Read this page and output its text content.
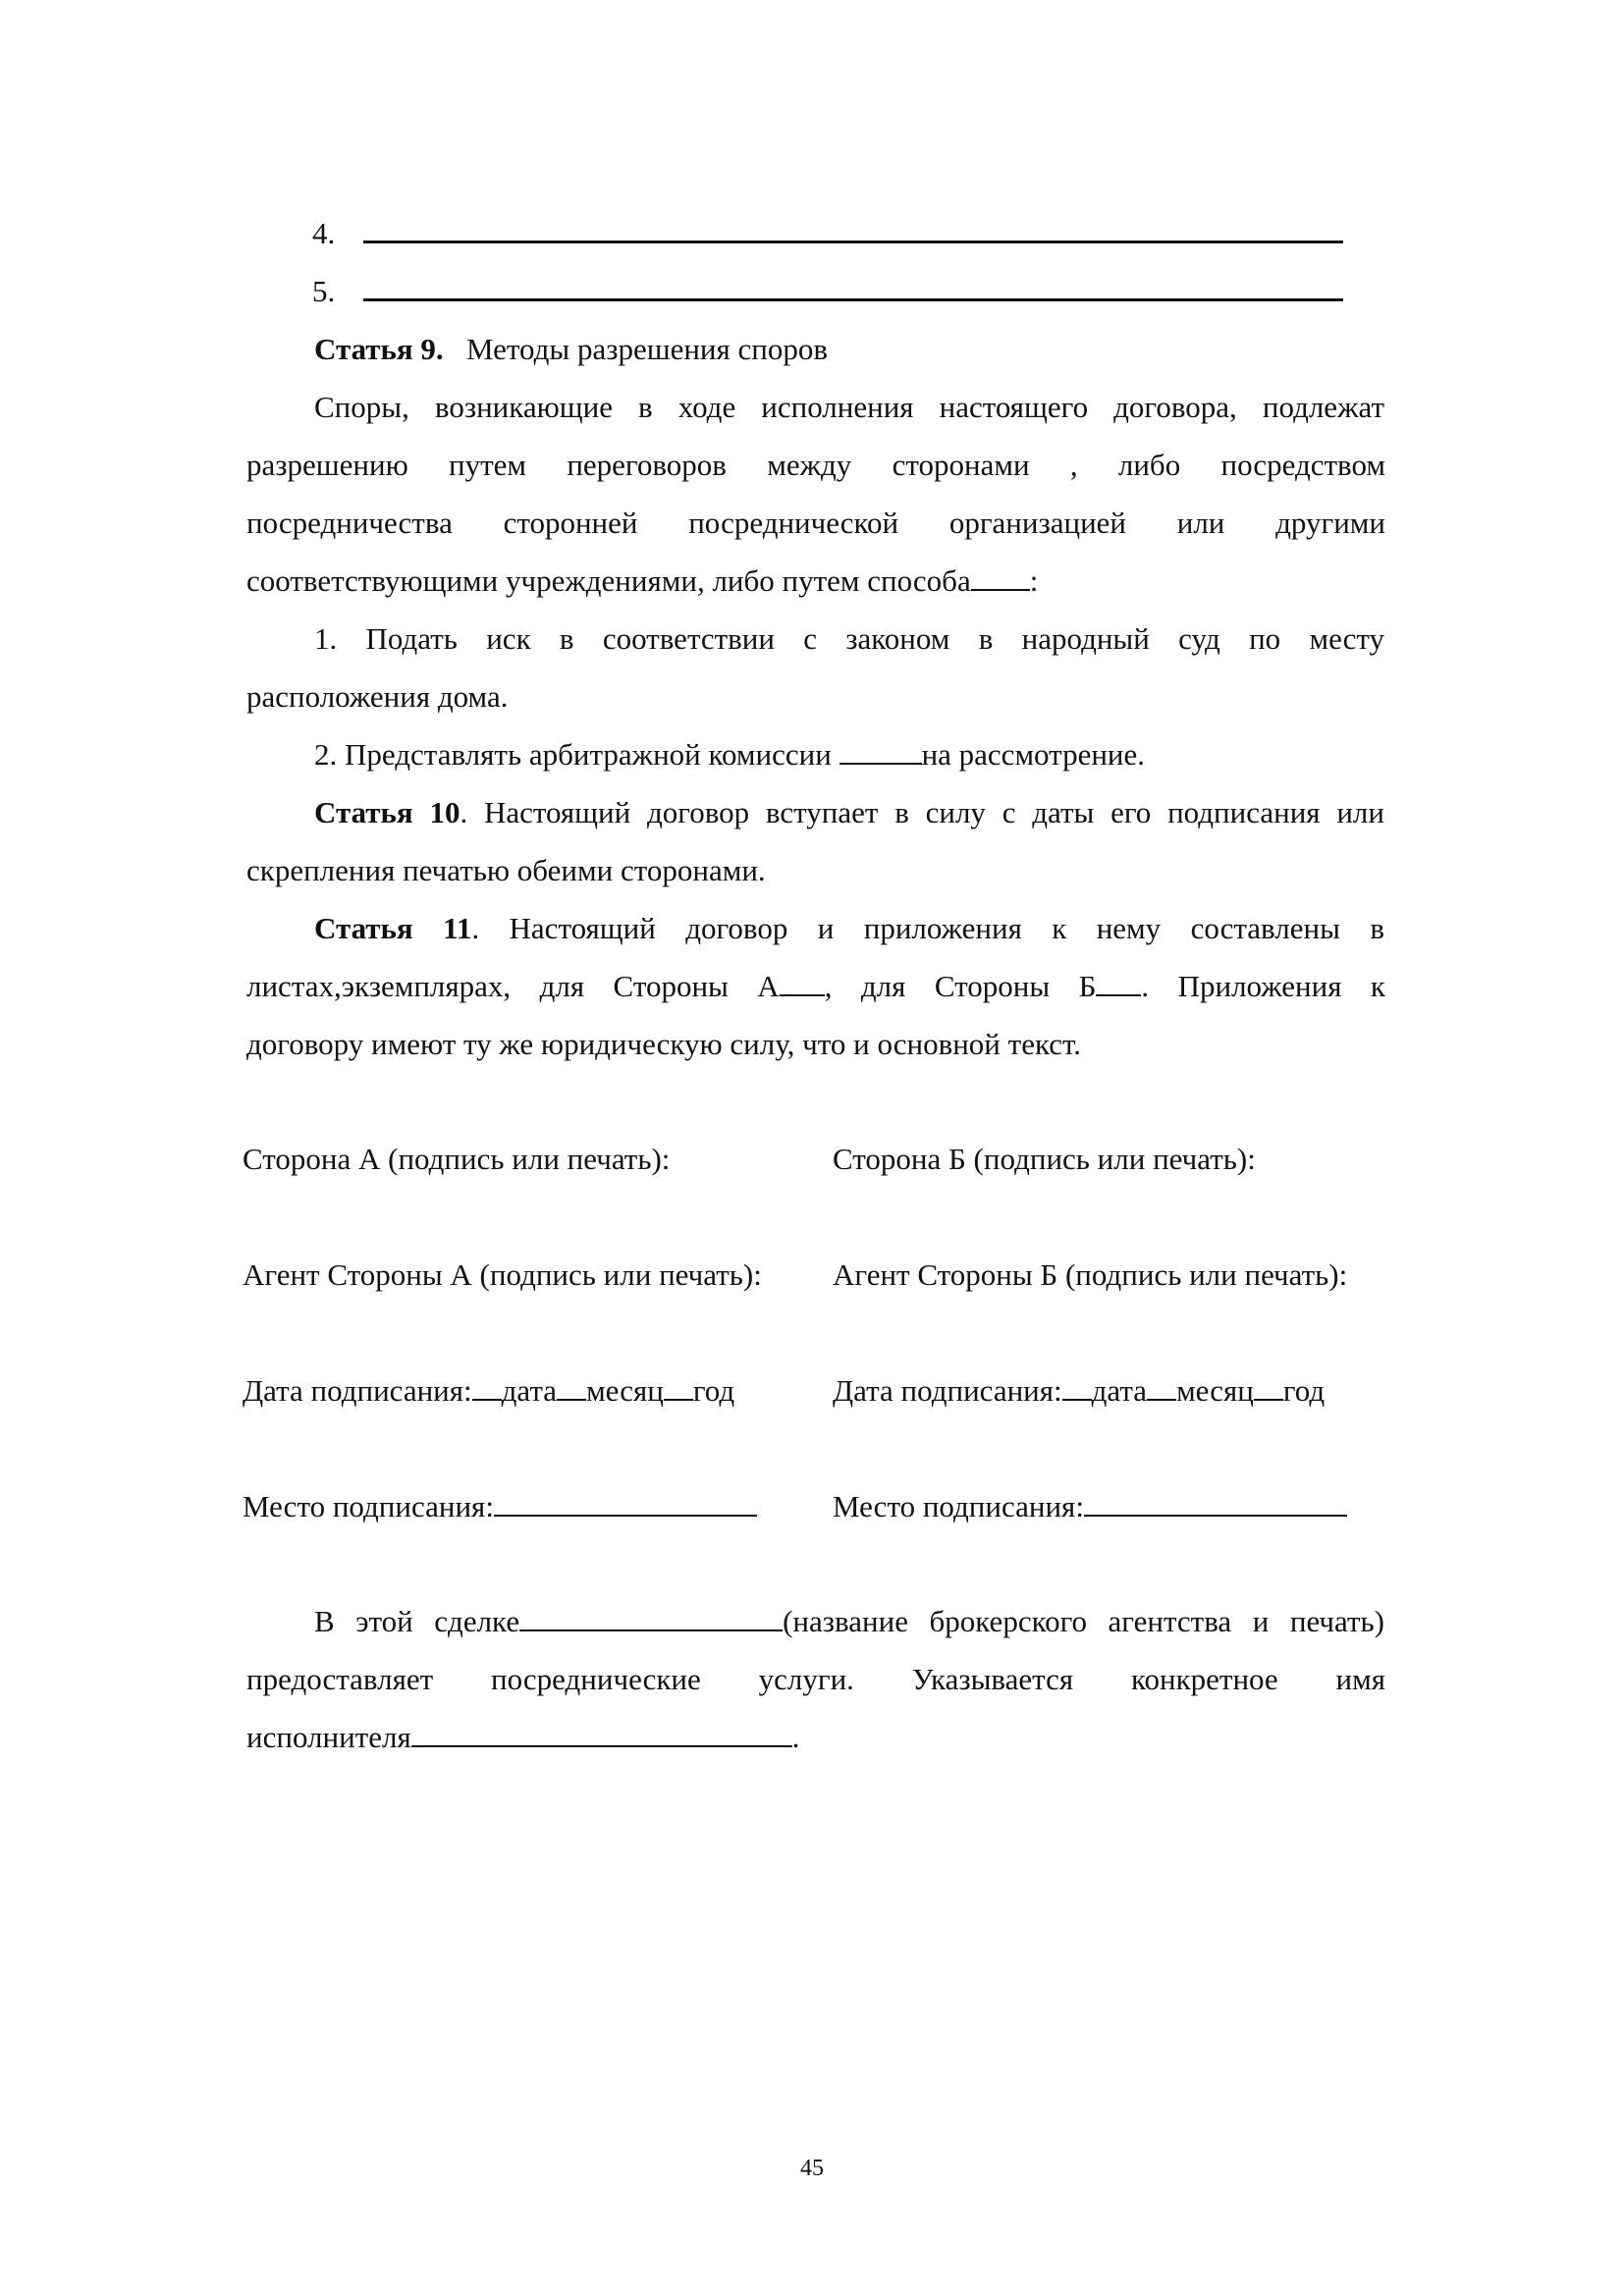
4.
5.
Статья 9. Методы разрешения споров
Споры, возникающие в ходе исполнения настоящего договора, подлежат
разрешению путем переговоров между сторонами , либо посредством
посредничества сторонней посреднической организацией или другими
соответствующими учреждениями, либо путем способа :
1. Подать иск в соответствии с законом в народный суд по месту
расположения дома.
2. Представлять арбитражной комиссии	на рассмотрение.
Статья 10. Настоящий договор вступает в силу с даты его подписания или
скрепления печатью обеими сторонами.
Статья 11. Настоящий договор и приложения к нему составлены в
листах,экземплярах, для Стороны А , для Стороны Б . Приложения к
договору имеют ту же юридическую силу, что и основной текст.
Сторона А (подпись или печать):	Сторона Б (подпись или печать):
Агент Стороны А (подпись или печать): Агент Стороны Б (подпись или печать):
Дата подписания: дата месяц год	Дата подписания: дата месяц год
Место подписания:	Место подписания:
В этой сделке	(название брокерского агентства и печать)
предоставляет посреднические услуги. Указывается конкретное имя
исполнителя	.
45
